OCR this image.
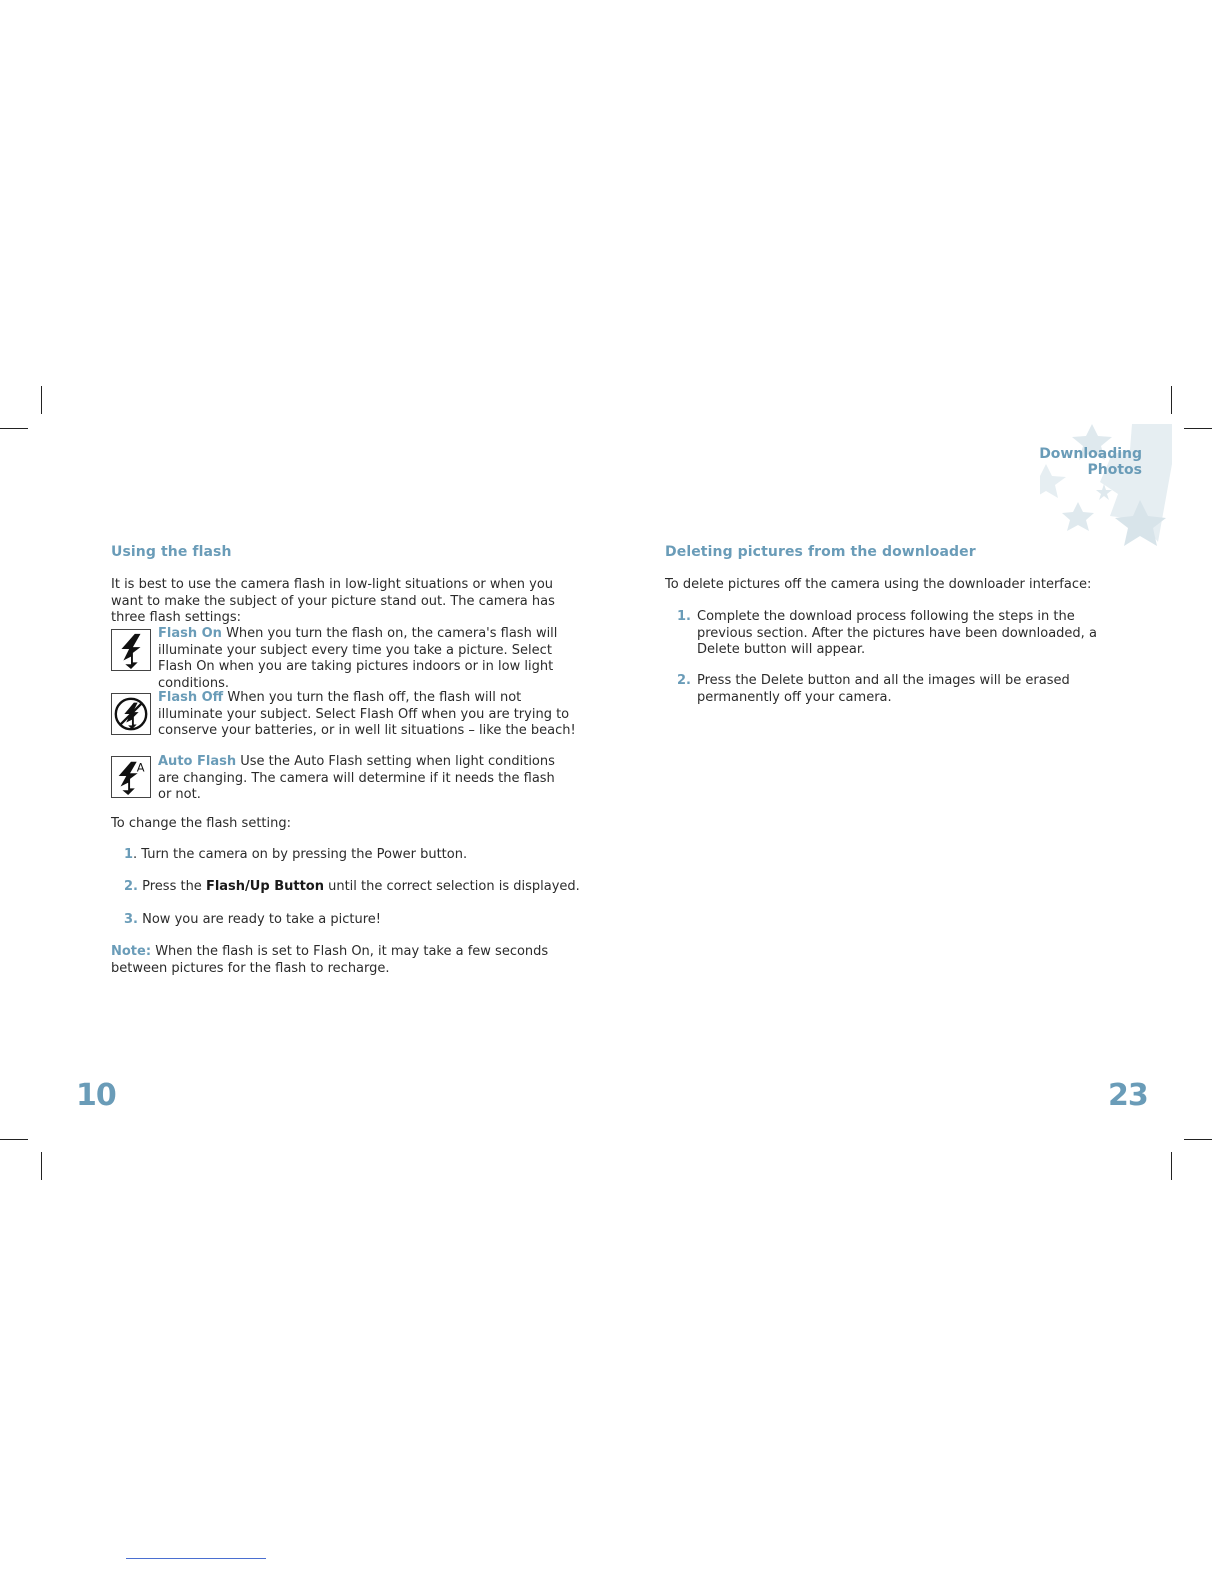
Downloading
Photos
Using the flash
It is best to use the camera flash in low-light situations or when you want to make the subject of your picture stand out. The camera has three flash settings:
Flash On When you turn the flash on, the camera's flash will illuminate your subject every time you take a picture. Select Flash On when you are taking pictures indoors or in low light conditions.
Flash Off When you turn the flash off, the flash will not illuminate your subject. Select Flash Off when you are trying to conserve your batteries, or in well lit situations – like the beach!
A Auto Flash Use the Auto Flash setting when light conditions are changing. The camera will determine if it needs the flash or not.
To change the flash setting:
1. Turn the camera on by pressing the Power button.
2. Press the Flash/Up Button until the correct selection is displayed.
3. Now you are ready to take a picture!
Note: When the flash is set to Flash On, it may take a few seconds between pictures for the flash to recharge.
10
Deleting pictures from the downloader
To delete pictures off the camera using the downloader interface:
1. Complete the download process following the steps in the previous section. After the pictures have been downloaded, a Delete button will appear.
2. Press the Delete button and all the images will be erased permanently off your camera.
23
